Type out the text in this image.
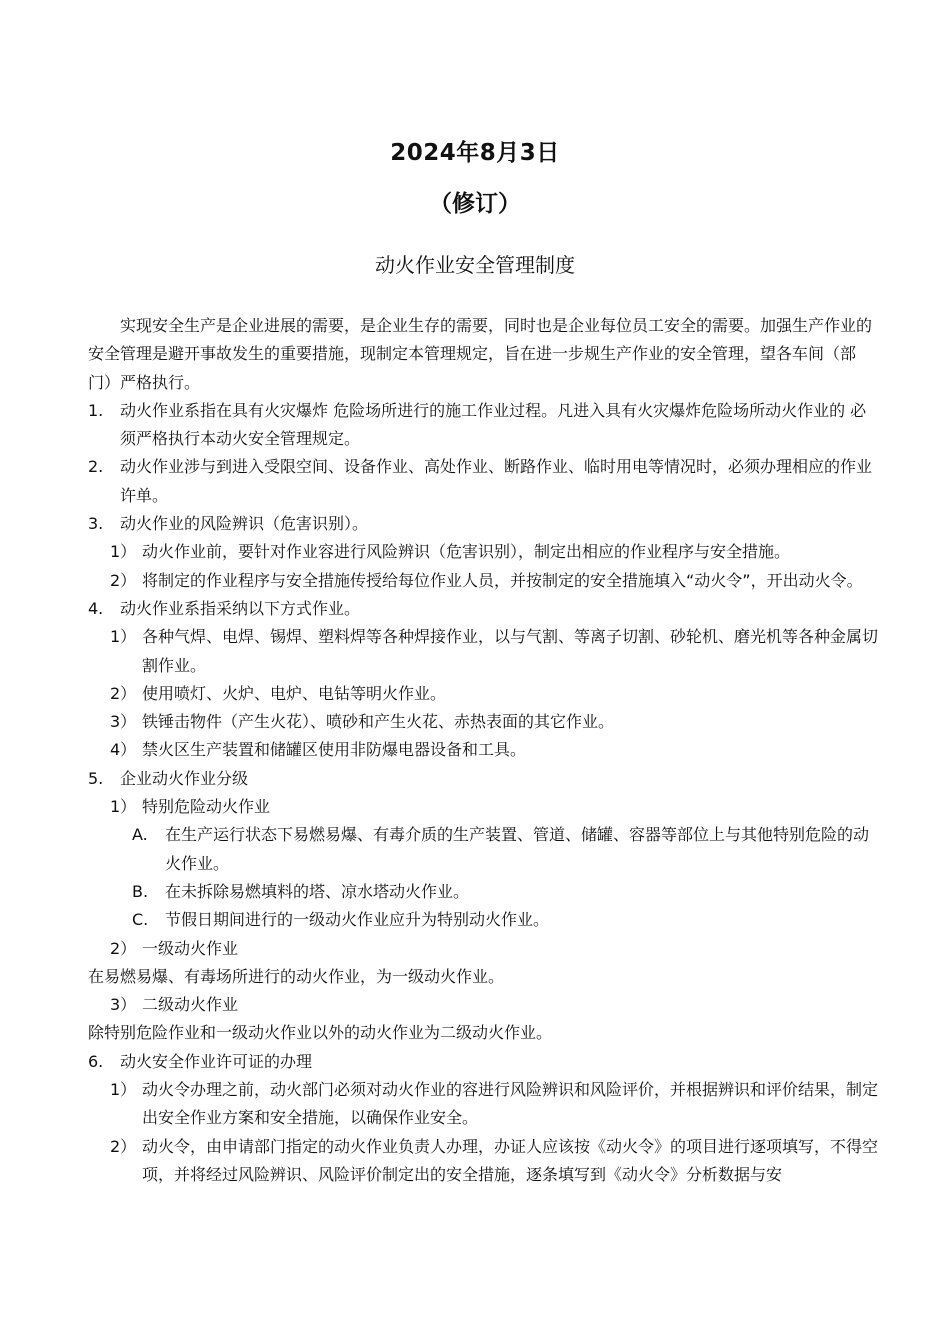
2024年8月3日
（修订）
动火作业安全管理制度

实现安全生产是企业进展的需要，是企业生存的需要，同时也是企业每位员工安全的需要。加强生产作业的安全管理是避开事故发生的重要措施，现制定本管理规定，旨在进一步规生产作业的安全管理，望各车间（部门）严格执行。

1.	动火作业系指在具有火灾爆炸 危险场所进行的施工作业过程。凡进入具有火灾爆炸危险场所动火作业的 必须严格执行本动火安全管理规定。
2.	动火作业涉与到进入受限空间、设备作业、高处作业、断路作业、临时用电等情况时，必须办理相应的作业许单。
3.	动火作业的风险辨识（危害识别）。
1） 动火作业前，要针对作业容进行风险辨识（危害识别），制定出相应的作业程序与安全措施。
2） 将制定的作业程序与安全措施传授给每位作业人员，并按制定的安全措施填入“动火令”，开出动火令。
4.	动火作业系指采纳以下方式作业。
1） 各种气焊、电焊、锡焊、塑料焊等各种焊接作业，以与气割、等离子切割、砂轮机、磨光机等各种金属切割作业。
2） 使用喷灯、火炉、电炉、电钻等明火作业。
3） 铁锤击物件（产生火花）、喷砂和产生火花、赤热表面的其它作业。
4） 禁火区生产装置和储罐区使用非防爆电器设备和工具。
5.	企业动火作业分级
1） 特别危险动火作业
A.	在生产运行状态下易燃易爆、有毒介质的生产装置、管道、储罐、容器等部位上与其他特别危险的动火作业。
B.	在未拆除易燃填料的塔、凉水塔动火作业。
C.	节假日期间进行的一级动火作业应升为特别动火作业。
2） 一级动火作业

在易燃易爆、有毒场所进行的动火作业，为一级动火作业。

3） 二级动火作业

除特别危险作业和一级动火作业以外的动火作业为二级动火作业。

6.	动火安全作业许可证的办理
1） 动火令办理之前，动火部门必须对动火作业的容进行风险辨识和风险评价，并根据辨识和评价结果，制定出安全作业方案和安全措施，以确保作业安全。
2） 动火令，由申请部门指定的动火作业负责人办理，办证人应该按《动火令》的项目进行逐项填写，不得空项，并将经过风险辨识、风险评价制定出的安全措施，逐条填写到《动火令》分析数据与安
